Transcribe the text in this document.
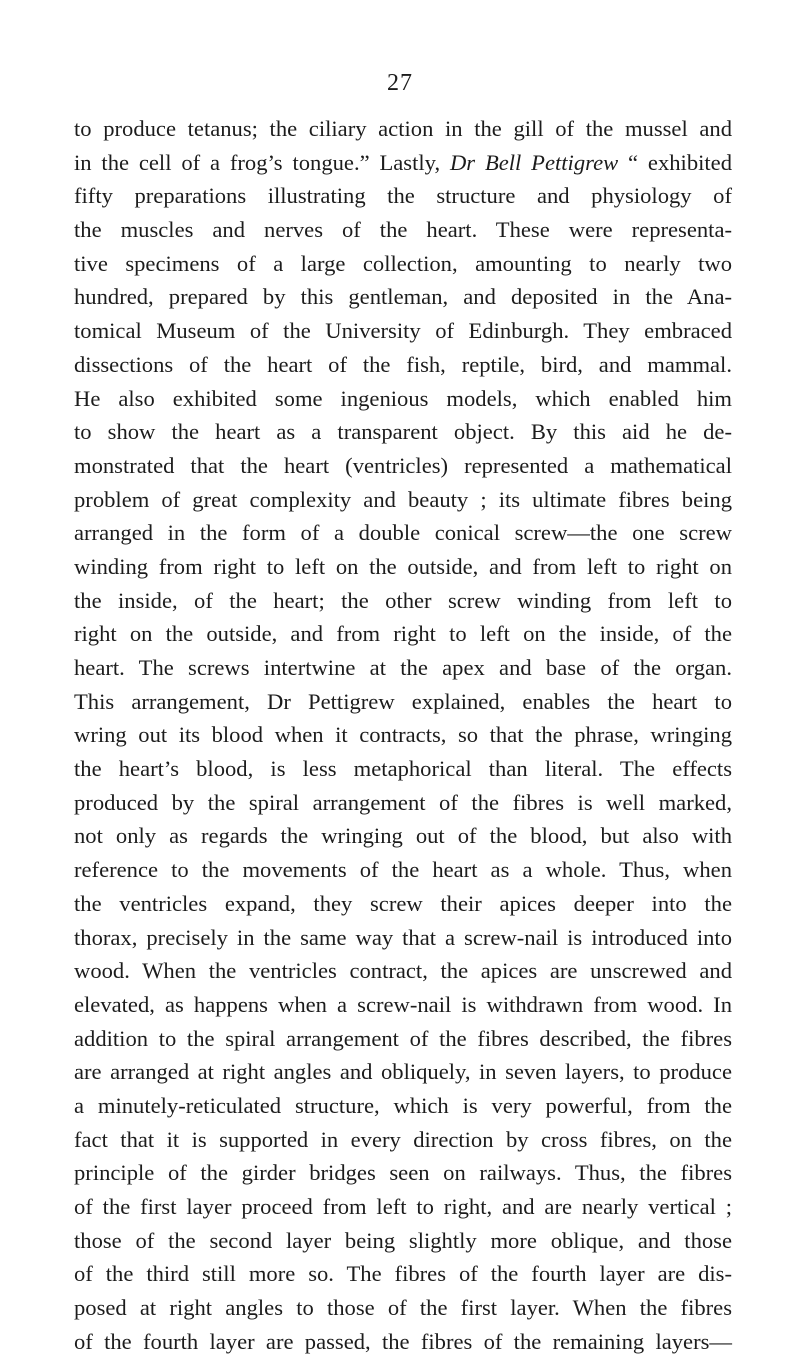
27
to produce tetanus; the ciliary action in the gill of the mussel and
in the cell of a frog’s tongue.” Lastly, Dr Bell Pettigrew “ exhibited
fifty preparations illustrating the structure and physiology of
the muscles and nerves of the heart. These were representa-
tive specimens of a large collection, amounting to nearly two
hundred, prepared by this gentleman, and deposited in the Ana-
tomical Museum of the University of Edinburgh. They embraced
dissections of the heart of the fish, reptile, bird, and mammal.
He also exhibited some ingenious models, which enabled him
to show the heart as a transparent object. By this aid he de-
monstrated that the heart (ventricles) represented a mathematical
problem of great complexity and beauty ; its ultimate fibres being
arranged in the form of a double conical screw—the one screw
winding from right to left on the outside, and from left to right on
the inside, of the heart; the other screw winding from left to
right on the outside, and from right to left on the inside, of the
heart. The screws intertwine at the apex and base of the organ.
This arrangement, Dr Pettigrew explained, enables the heart to
wring out its blood when it contracts, so that the phrase, wringing
the heart’s blood, is less metaphorical than literal. The effects
produced by the spiral arrangement of the fibres is well marked,
not only as regards the wringing out of the blood, but also with
reference to the movements of the heart as a whole. Thus, when
the ventricles expand, they screw their apices deeper into the
thorax, precisely in the same way that a screw-nail is introduced into
wood. When the ventricles contract, the apices are unscrewed and
elevated, as happens when a screw-nail is withdrawn from wood. In
addition to the spiral arrangement of the fibres described, the fibres
are arranged at right angles and obliquely, in seven layers, to produce
a minutely-reticulated structure, which is very powerful, from the
fact that it is supported in every direction by cross fibres, on the
principle of the girder bridges seen on railways. Thus, the fibres
of the first layer proceed from left to right, and are nearly vertical ;
those of the second layer being slightly more oblique, and those
of the third still more so. The fibres of the fourth layer are dis-
posed at right angles to those of the first layer. When the fibres
of the fourth layer are passed, the fibres of the remaining layers—
